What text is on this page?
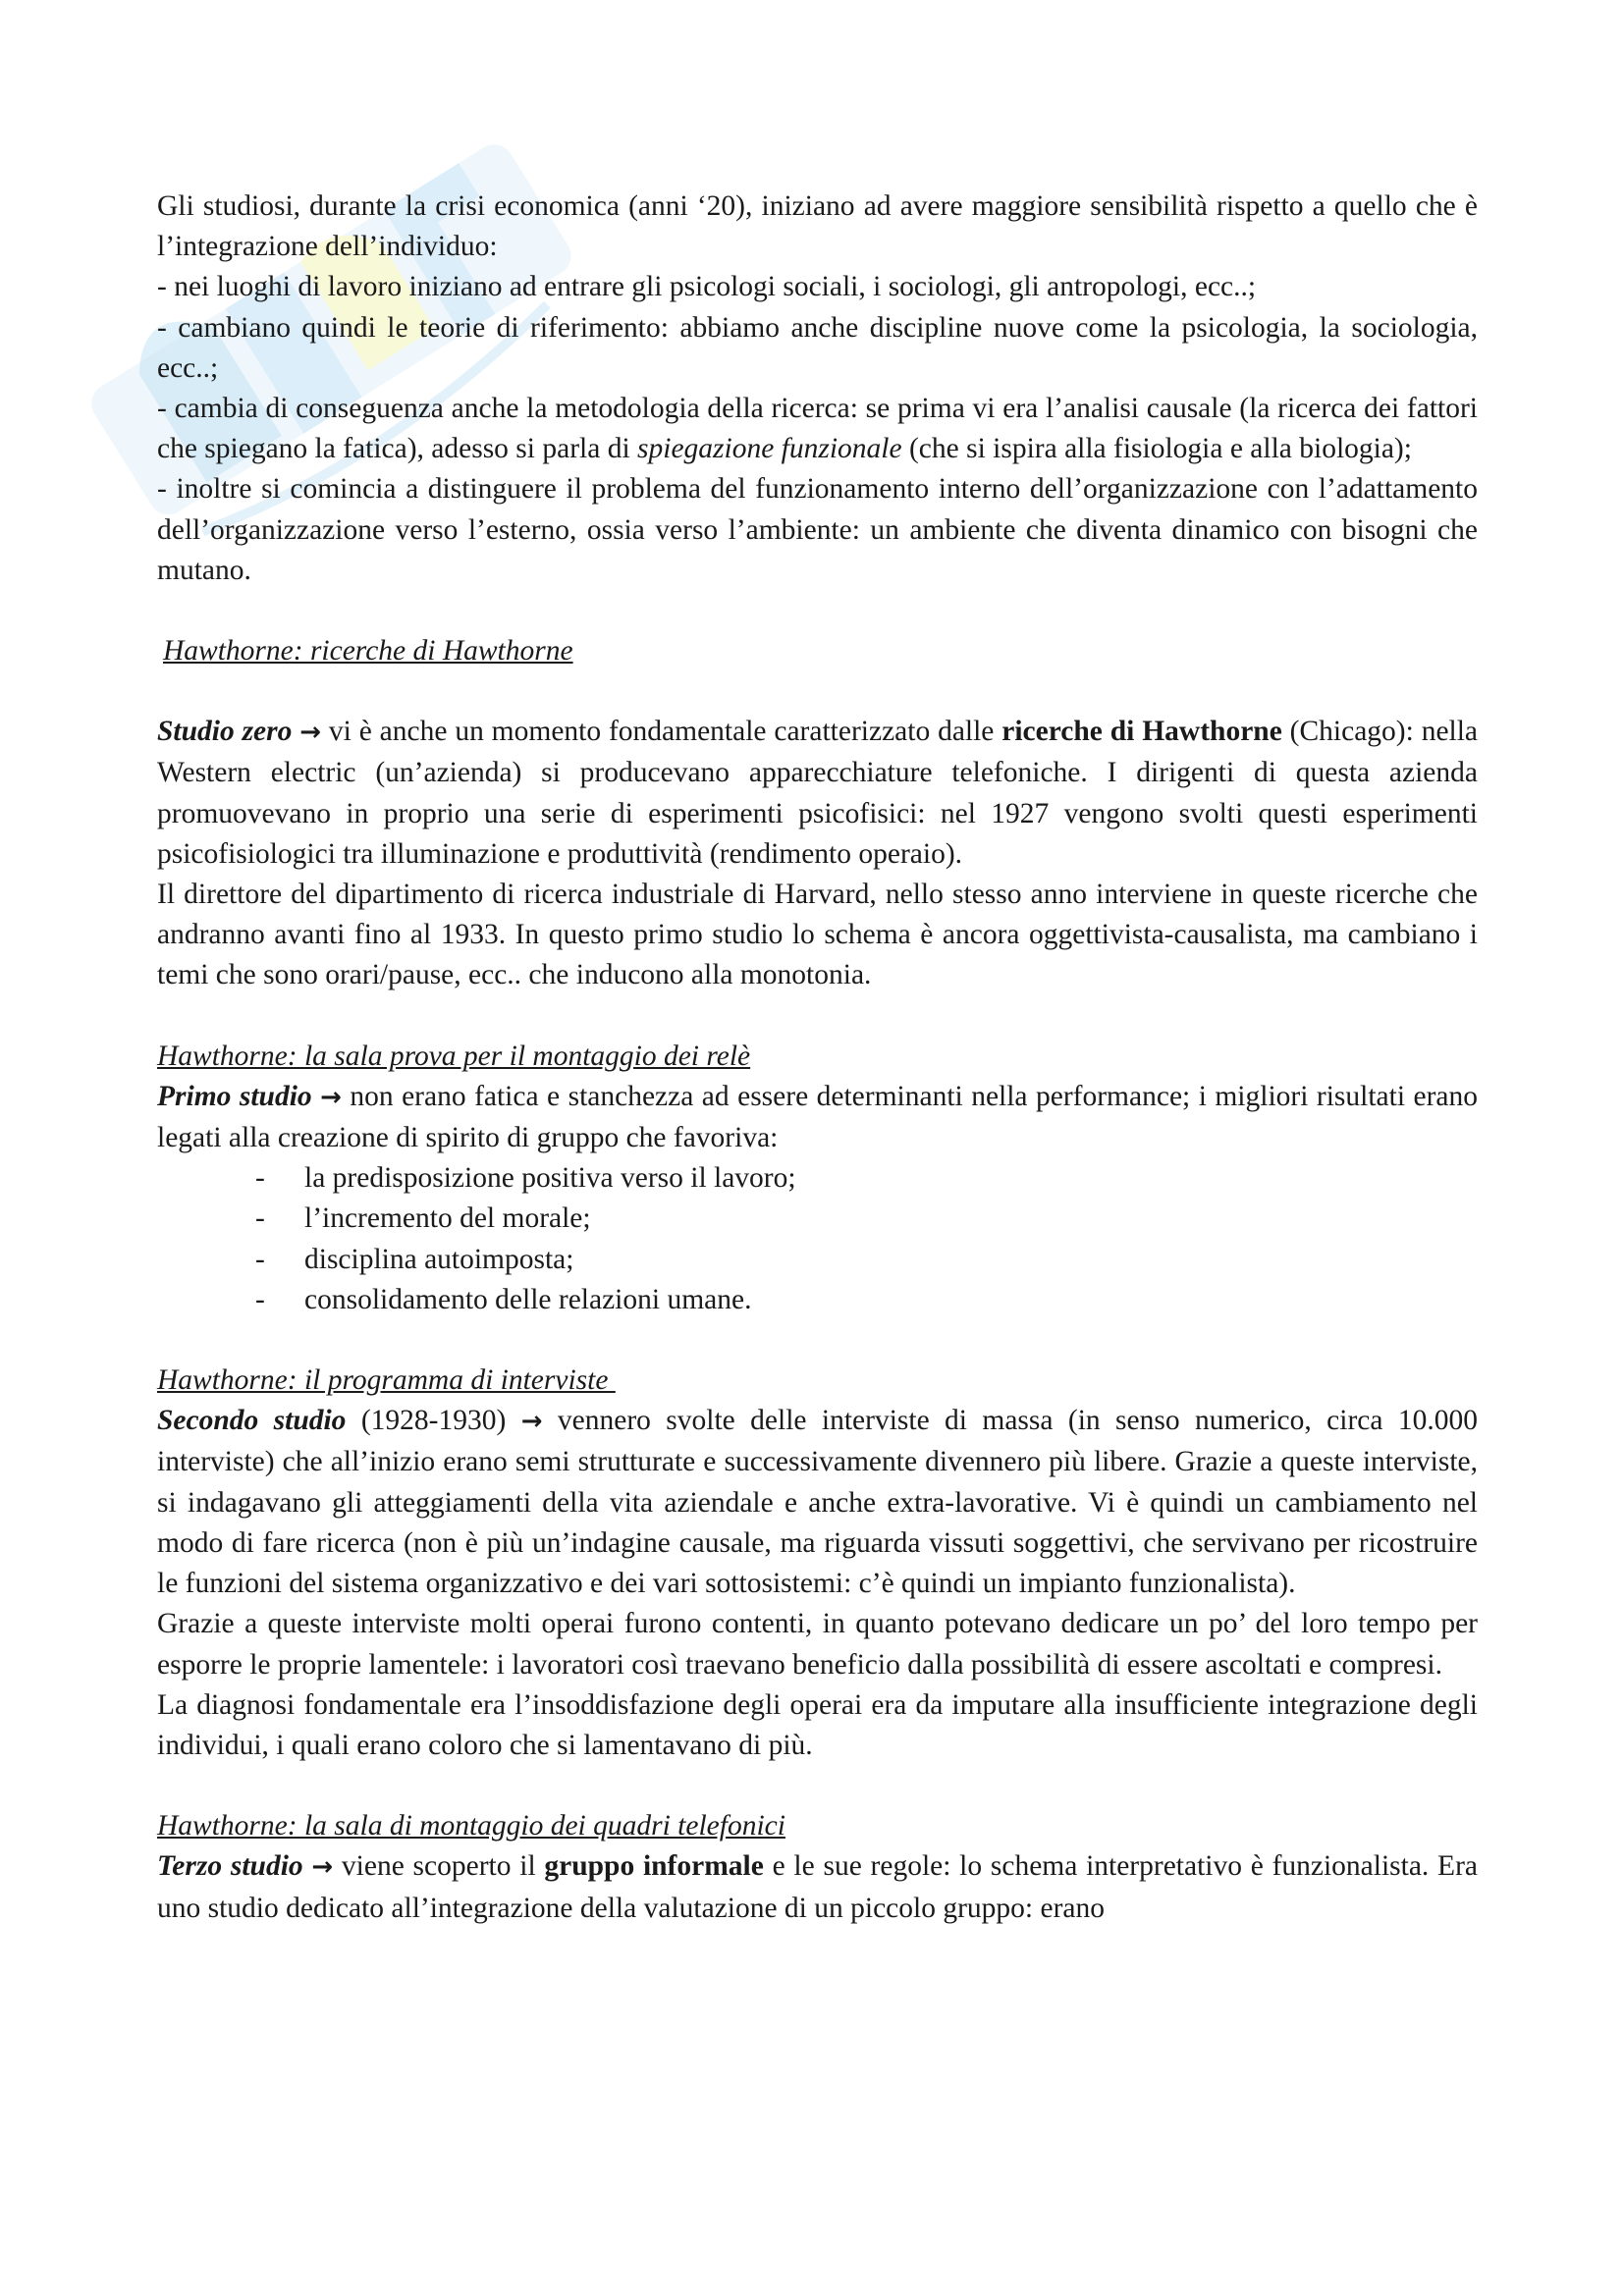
Gli studiosi, durante la crisi economica (anni ‘20), iniziano ad avere maggiore sensibilità rispetto a quello che è l’integrazione dell’individuo:

- nei luoghi di lavoro iniziano ad entrare gli psicologi sociali, i sociologi, gli antropologi, ecc..;

- cambiano quindi le teorie di riferimento: abbiamo anche discipline nuove come la psicologia, la sociologia, ecc..;

- cambia di conseguenza anche la metodologia della ricerca: se prima vi era l’analisi causale (la ricerca dei fattori che spiegano la fatica), adesso si parla di spiegazione funzionale (che si ispira alla fisiologia e alla biologia);

- inoltre si comincia a distinguere il problema del funzionamento interno dell’organizzazione con l’adattamento dell’organizzazione verso l’esterno, ossia verso l’ambiente: un ambiente che diventa dinamico con bisogni che mutano.

Hawthorne: ricerche di Hawthorne

Studio zero → vi è anche un momento fondamentale caratterizzato dalle ricerche di Hawthorne (Chicago): nella Western electric (un’azienda) si producevano apparecchiature telefoniche. I dirigenti di questa azienda promuovevano in proprio una serie di esperimenti psicofisici: nel 1927 vengono svolti questi esperimenti psicofisiologici tra illuminazione e produttività (rendimento operaio).

Il direttore del dipartimento di ricerca industriale di Harvard, nello stesso anno interviene in queste ricerche che andranno avanti fino al 1933. In questo primo studio lo schema è ancora oggettivista-causalista, ma cambiano i temi che sono orari/pause, ecc.. che inducono alla monotonia.

Hawthorne: la sala prova per il montaggio dei relè

Primo studio → non erano fatica e stanchezza ad essere determinanti nella performance; i migliori risultati erano legati alla creazione di spirito di gruppo che favoriva:

- la predisposizione positiva verso il lavoro;
- l’incremento del morale;
- disciplina autoimposta;
- consolidamento delle relazioni umane.

Hawthorne: il programma di interviste

Secondo studio (1928-1930) → vennero svolte delle interviste di massa (in senso numerico, circa 10.000 interviste) che all’inizio erano semi strutturate e successivamente divennero più libere. Grazie a queste interviste, si indagavano gli atteggiamenti della vita aziendale e anche extra-lavorative. Vi è quindi un cambiamento nel modo di fare ricerca (non è più un’indagine causale, ma riguarda vissuti soggettivi, che servivano per ricostruire le funzioni del sistema organizzativo e dei vari sottosistemi: c’è quindi un impianto funzionalista).

Grazie a queste interviste molti operai furono contenti, in quanto potevano dedicare un po’ del loro tempo per esporre le proprie lamentele: i lavoratori così traevano beneficio dalla possibilità di essere ascoltati e compresi.

La diagnosi fondamentale era l’insoddisfazione degli operai era da imputare alla insufficiente integrazione degli individui, i quali erano coloro che si lamentavano di più.

Hawthorne: la sala di montaggio dei quadri telefonici

Terzo studio → viene scoperto il gruppo informale e le sue regole: lo schema interpretativo è funzionalista. Era uno studio dedicato all’integrazione della valutazione di un piccolo gruppo: erano
